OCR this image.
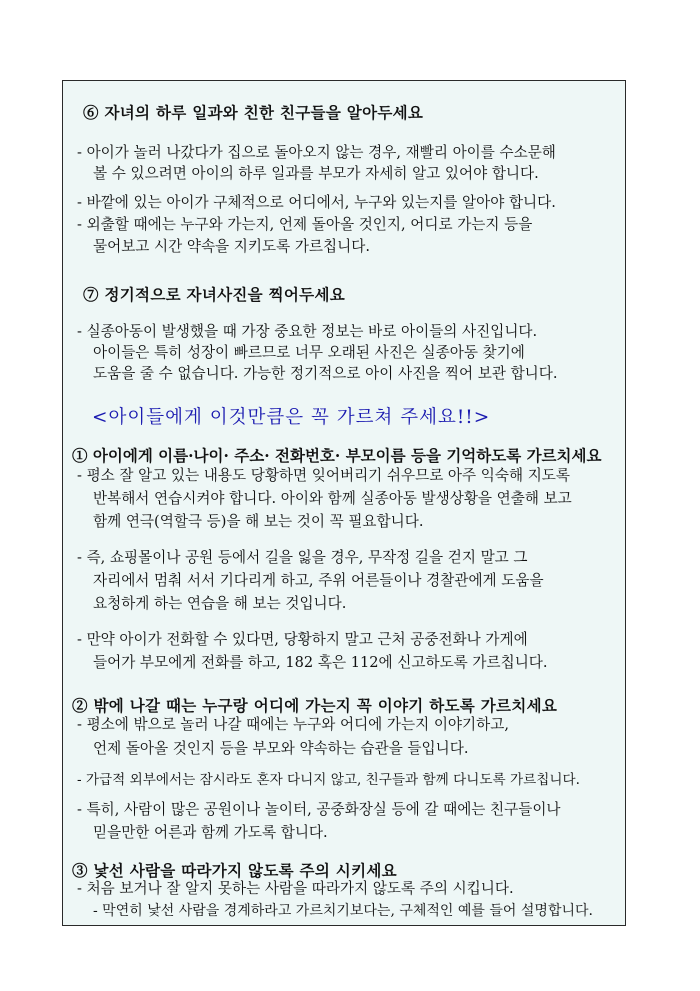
⑥ 자녀의 하루 일과와 친한 친구들을 알아두세요
- 아이가 놀러 나갔다가 집으로 돌아오지 않는 경우, 재빨리 아이를 수소문해
볼 수 있으려면 아이의 하루 일과를 부모가 자세히 알고 있어야 합니다.
- 바깥에 있는 아이가 구체적으로 어디에서, 누구와 있는지를 알아야 합니다.
- 외출할 때에는 누구와 가는지, 언제 돌아올 것인지, 어디로 가는지 등을
물어보고 시간 약속을 지키도록 가르칩니다.
⑦ 정기적으로 자녀사진을 찍어두세요
- 실종아동이 발생했을 때 가장 중요한 정보는 바로 아이들의 사진입니다.
아이들은 특히 성장이 빠르므로 너무 오래된 사진은 실종아동 찾기에
도움을 줄 수 없습니다. 가능한 정기적으로 아이 사진을 찍어 보관 합니다.
<아이들에게 이것만큼은 꼭 가르쳐 주세요!!>
① 아이에게 이름·나이· 주소· 전화번호· 부모이름 등을 기억하도록 가르치세요
- 평소 잘 알고 있는 내용도 당황하면 잊어버리기 쉬우므로 아주 익숙해 지도록
반복해서 연습시켜야 합니다. 아이와 함께 실종아동 발생상황을 연출해 보고
함께 연극(역할극 등)을 해 보는 것이 꼭 필요합니다.
- 즉, 쇼핑몰이나 공원 등에서 길을 잃을 경우, 무작정 길을 걷지 말고 그
자리에서 멈춰 서서 기다리게 하고, 주위 어른들이나 경찰관에게 도움을
요청하게 하는 연습을 해 보는 것입니다.
- 만약 아이가 전화할 수 있다면, 당황하지 말고 근처 공중전화나 가게에
들어가 부모에게 전화를 하고, 182 혹은 112에 신고하도록 가르칩니다.
② 밖에 나갈 때는 누구랑 어디에 가는지 꼭 이야기 하도록 가르치세요
- 평소에 밖으로 놀러 나갈 때에는 누구와 어디에 가는지 이야기하고,
언제 돌아올 것인지 등을 부모와 약속하는 습관을 들입니다.
- 가급적 외부에서는 잠시라도 혼자 다니지 않고, 친구들과 함께 다니도록 가르칩니다.
- 특히, 사람이 많은 공원이나 놀이터, 공중화장실 등에 갈 때에는 친구들이나
믿을만한 어른과 함께 가도록 합니다.
③ 낯선 사람을 따라가지 않도록 주의 시키세요
- 처음 보거나 잘 알지 못하는 사람을 따라가지 않도록 주의 시킵니다.
- 막연히 낯선 사람을 경계하라고 가르치기보다는, 구체적인 예를 들어 설명합니다.
